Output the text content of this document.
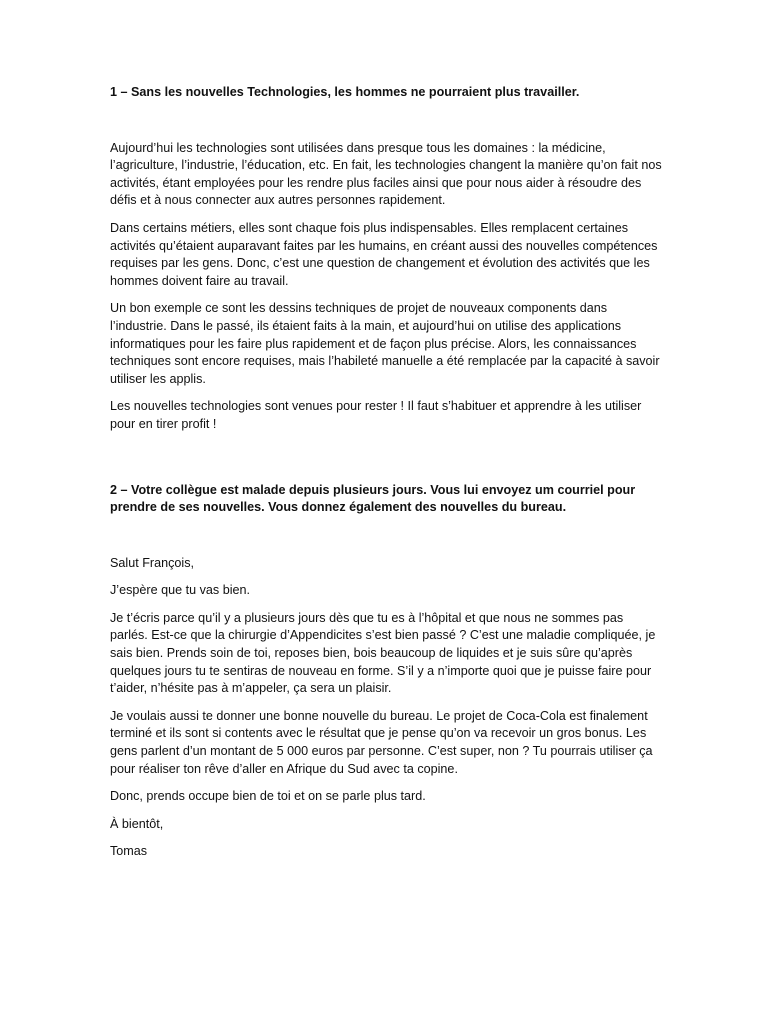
1 – Sans les nouvelles Technologies, les hommes ne pourraient plus travailler.

Aujourd’hui les technologies sont utilisées dans presque tous les domaines : la médicine, l’agriculture, l’industrie, l’éducation, etc. En fait, les technologies changent la manière qu’on fait nos activités, étant employées pour les rendre plus faciles ainsi que pour nous aider à résoudre des défis et à nous connecter aux autres personnes rapidement.

Dans certains métiers, elles sont chaque fois plus indispensables. Elles remplacent certaines activités qu’étaient auparavant faites par les humains, en créant aussi des nouvelles compétences requises par les gens. Donc, c’est une question de changement et évolution des activités que les hommes doivent faire au travail.

Un bon exemple ce sont les dessins techniques de projet de nouveaux components dans l’industrie. Dans le passé, ils étaient faits à la main, et aujourd’hui on utilise des applications informatiques pour les faire plus rapidement et de façon plus précise. Alors, les connaissances techniques sont encore requises, mais l’habileté manuelle a été remplacée par la capacité à savoir utiliser les applis.

Les nouvelles technologies sont venues pour rester ! Il faut s’habituer et apprendre à les utiliser pour en tirer profit !

2 – Votre collègue est malade depuis plusieurs jours. Vous lui envoyez um courriel pour prendre de ses nouvelles. Vous donnez également des nouvelles du bureau.

Salut François,

J’espère que tu vas bien.

Je t’écris parce qu’il y a plusieurs jours dès que tu es à l’hôpital et que nous ne sommes pas parlés. Est-ce que la chirurgie d’Appendicites s’est bien passé ? C’est une maladie compliquée, je sais bien. Prends soin de toi, reposes bien, bois beaucoup de liquides et je suis sûre qu’après quelques jours tu te sentiras de nouveau en forme. S’il y a n’importe quoi que je puisse faire pour t’aider, n’hésite pas à m’appeler, ça sera un plaisir.

Je voulais aussi te donner une bonne nouvelle du bureau. Le projet de Coca-Cola est finalement terminé et ils sont si contents avec le résultat que je pense qu’on va recevoir un gros bonus. Les gens parlent d’un montant de 5 000 euros par personne. C’est super, non ? Tu pourrais utiliser ça pour réaliser ton rêve d’aller en Afrique du Sud avec ta copine.

Donc, prends occupe bien de toi et on se parle plus tard.

À bientôt,

Tomas
